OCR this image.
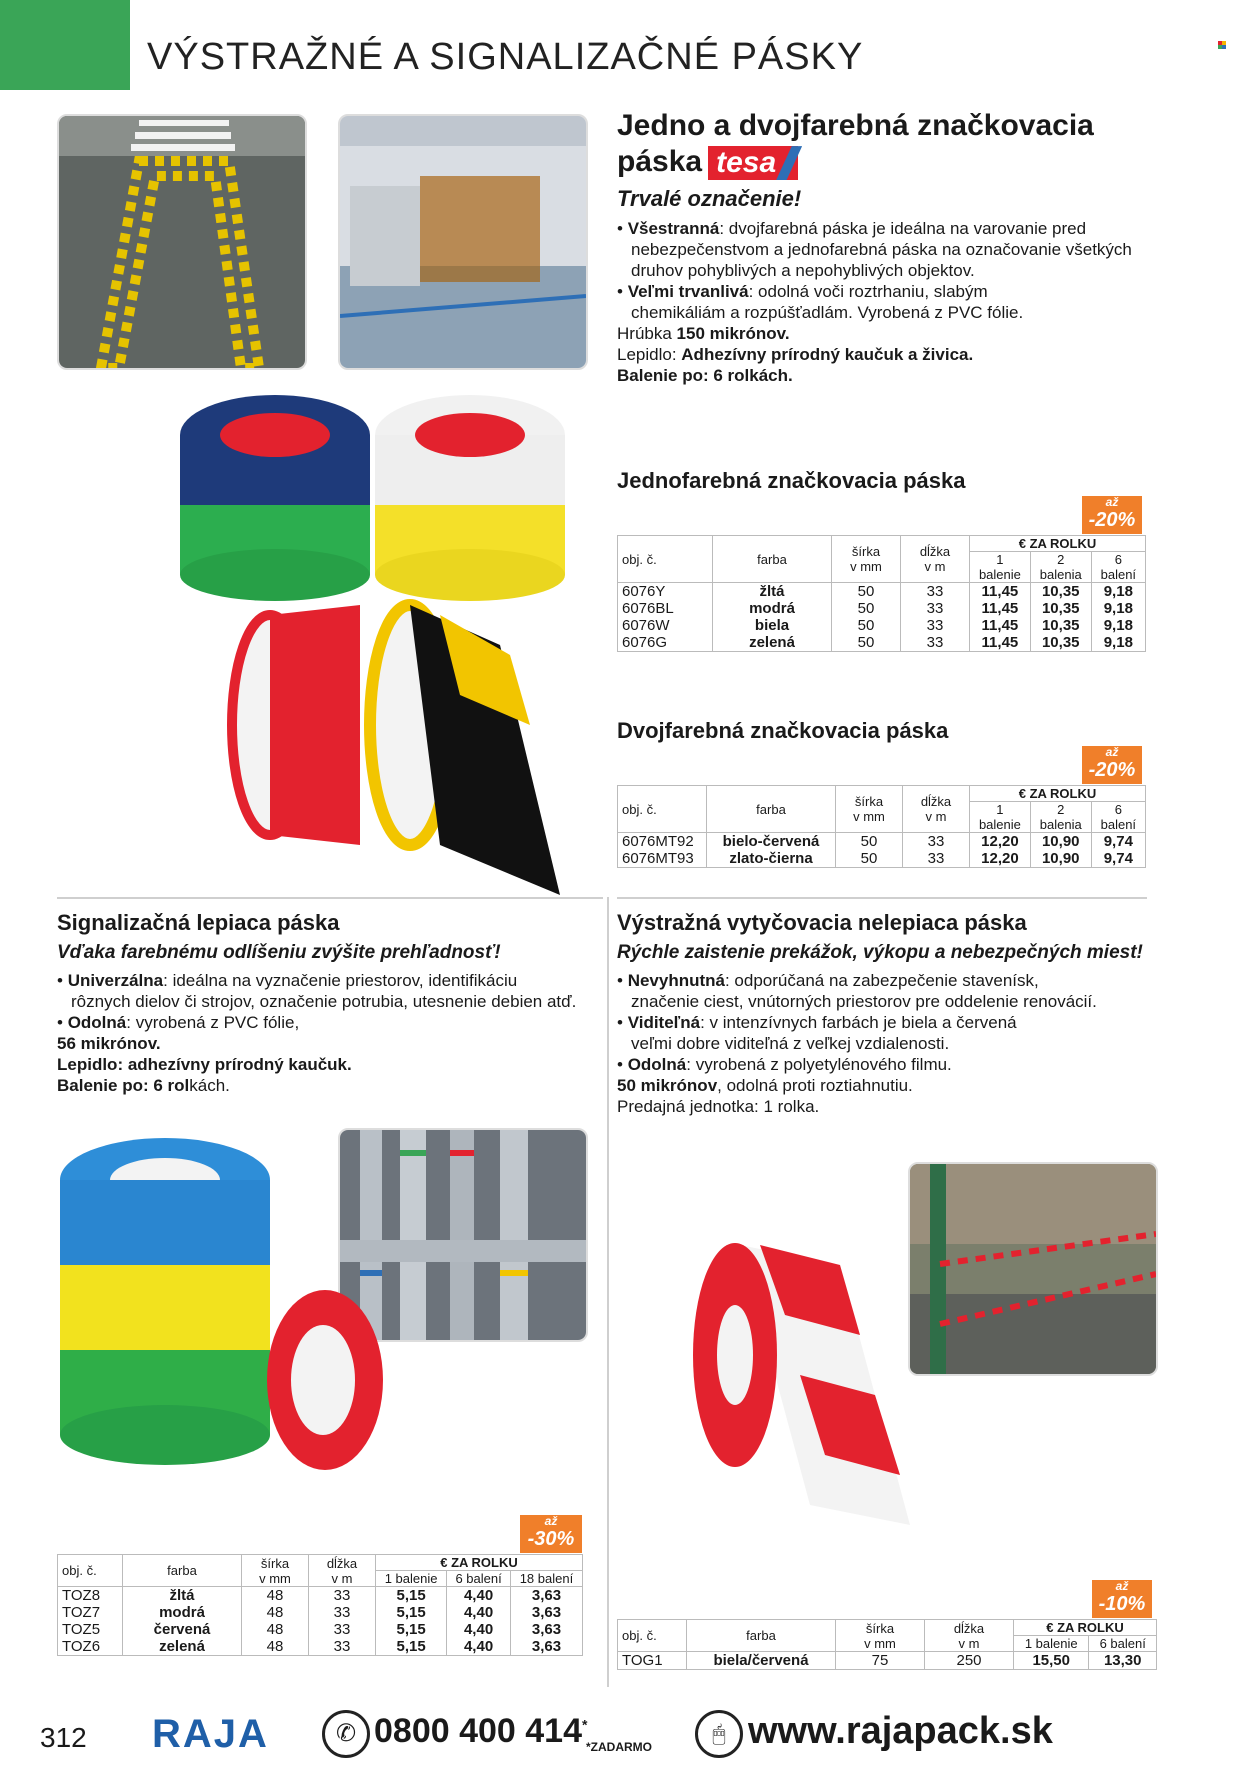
VÝSTRAŽNÉ A SIGNALIZAČNÉ PÁSKY
Jedno a dvojfarebná značkovacia
páska tesa
Trvalé označenie!
• Všestranná: dvojfarebná páska je ideálna na varovanie pred
nebezpečenstvom a jednofarebná páska na označovanie všetkých
druhov pohyblivých a nepohyblivých objektov.
• Veľmi trvanlivá: odolná voči roztrhaniu, slabým
chemikáliám a rozpúšťadlám. Vyrobená z PVC fólie.
Hrúbka 150 mikrónov.
Lepidlo: Adhezívny prírodný kaučuk a živica.
Balenie po: 6 rolkách.
Jednofarebná značkovacia páska
až
-20%
obj. č.	farba	šírka
v mm	dĺžka
v m	€ ZA ROLKU		
				1 balenie	2 balenia	6 balení
6076Y	žltá	50	33	11,45	10,35	9,18
6076BL	modrá	50	33	11,45	10,35	9,18
6076W	biela	50	33	11,45	10,35	9,18
6076G	zelená	50	33	11,45	10,35	9,18
Dvojfarebná značkovacia páska
až
-20%
obj. č.	farba	šírka
v mm	dĺžka
v m	€ ZA ROLKU		
				1 balenie	2 balenia	6 balení
6076MT92	bielo-červená	50	33	12,20	10,90	9,74
6076MT93	zlato-čierna	50	33	12,20	10,90	9,74
Signalizačná lepiaca páska
Vďaka farebnému odlíšeniu zvýšite prehľadnosť!
• Univerzálna: ideálna na vyznačenie priestorov, identifikáciu
rôznych dielov či strojov, označenie potrubia, utesnenie debien atď.
• Odolná: vyrobená z PVC fólie,
56 mikrónov.
Lepidlo: adhezívny prírodný kaučuk.
Balenie po: 6 rolkách.
až
-30%
obj. č.	farba	šírka
v mm	dĺžka
v m	€ ZA ROLKU		
				1 balenie	6 balení	18 balení
TOZ8	žltá	48	33	5,15	4,40	3,63
TOZ7	modrá	48	33	5,15	4,40	3,63
TOZ5	červená	48	33	5,15	4,40	3,63
TOZ6	zelená	48	33	5,15	4,40	3,63
Výstražná vytyčovacia nelepiaca páska
Rýchle zaistenie prekážok, výkopu a nebezpečných miest!
• Nevyhnutná: odporúčaná na zabezpečenie stavenísk,
značenie ciest, vnútorných priestorov pre oddelenie renovácií.
• Viditeľná: v intenzívnych farbách je biela a červená
veľmi dobre viditeľná z veľkej vzdialenosti.
• Odolná: vyrobená z polyetylénového filmu.
50 mikrónov, odolná proti roztiahnutiu.
Predajná jednotka: 1 rolka.
až
-10%
obj. č.	farba	šírka
v mm	dĺžka
v m	€ ZA ROLKU	
				1 balenie	6 balení
TOG1	biela/červená	75	250	15,50	13,30
312 RAJA	✆ 0800 400 414*
*ZADARMO
🖱 www.rajapack.sk
